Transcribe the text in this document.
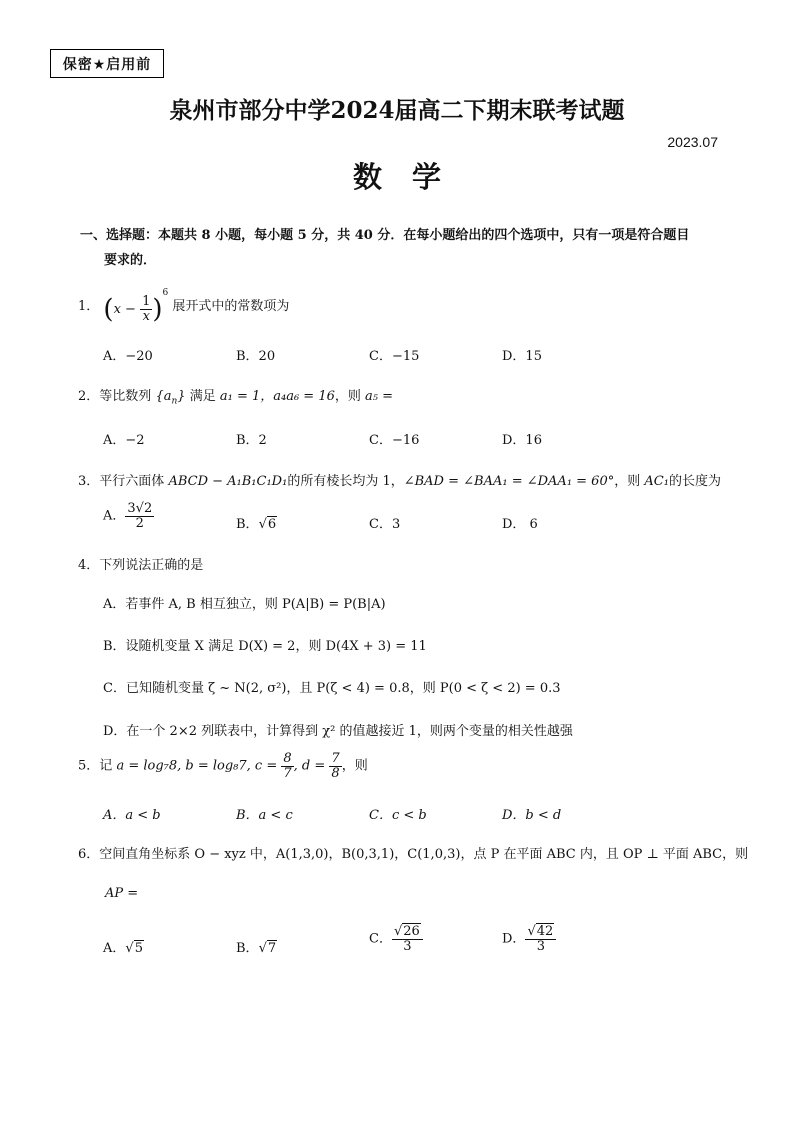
保密★启用前
泉州市部分中学2024届高二下期末联考试题
2023.07
数学
一、选择题：本题共 8 小题，每小题 5 分，共 40 分．在每小题给出的四个选项中，只有一项是符合题目
要求的．
1． $(x - \frac{1}{x} )^6$ 展开式中的常数项为
A．−20	B．20	C．−15	D．15
2．等比数列 $\{a_n\}$ 满足 a₁ = 1，a₄a₆ = 16，则 a₅ =
A．−2	B．2	C．−16	D．16
3．平行六面体 ABCD − A₁B₁C₁D₁的所有棱长均为 1，∠BAD = ∠BAA₁ = ∠DAA₁ = 60°，则 AC₁的长度为
A． $\frac{3√2}{2}$	B．√6	C．3	D． 6
4．下列说法正确的是
A．若事件 A, B 相互独立，则 P(A|B) = P(B|A)
B．设随机变量 X 满足 D(X) = 2，则 D(4X + 3) = 11
C．已知随机变量 ζ ~ N(2, σ²)，且 P(ζ < 4) = 0.8，则 P(0 < ζ < 2) = 0.3
D．在一个 2×2 列联表中，计算得到 χ² 的值越接近 1，则两个变量的相关性越强
5．记 a = log₇8, b = log₈7, $c = \frac{8}{7}$ , $d = \frac{7}{8}$ ，则
A．a < b	B．a < c	C．c < b	D．b < d
6．空间直角坐标系 O − xyz 中，A(1,3,0)，B(0,3,1)，C(1,0,3)，点 P 在平面 ABC 内，且 OP ⊥ 平面 ABC，则
AP =
A．√5	B．√7
C． $\frac{√26}{3}$	D． $\frac{√42}{3}$
